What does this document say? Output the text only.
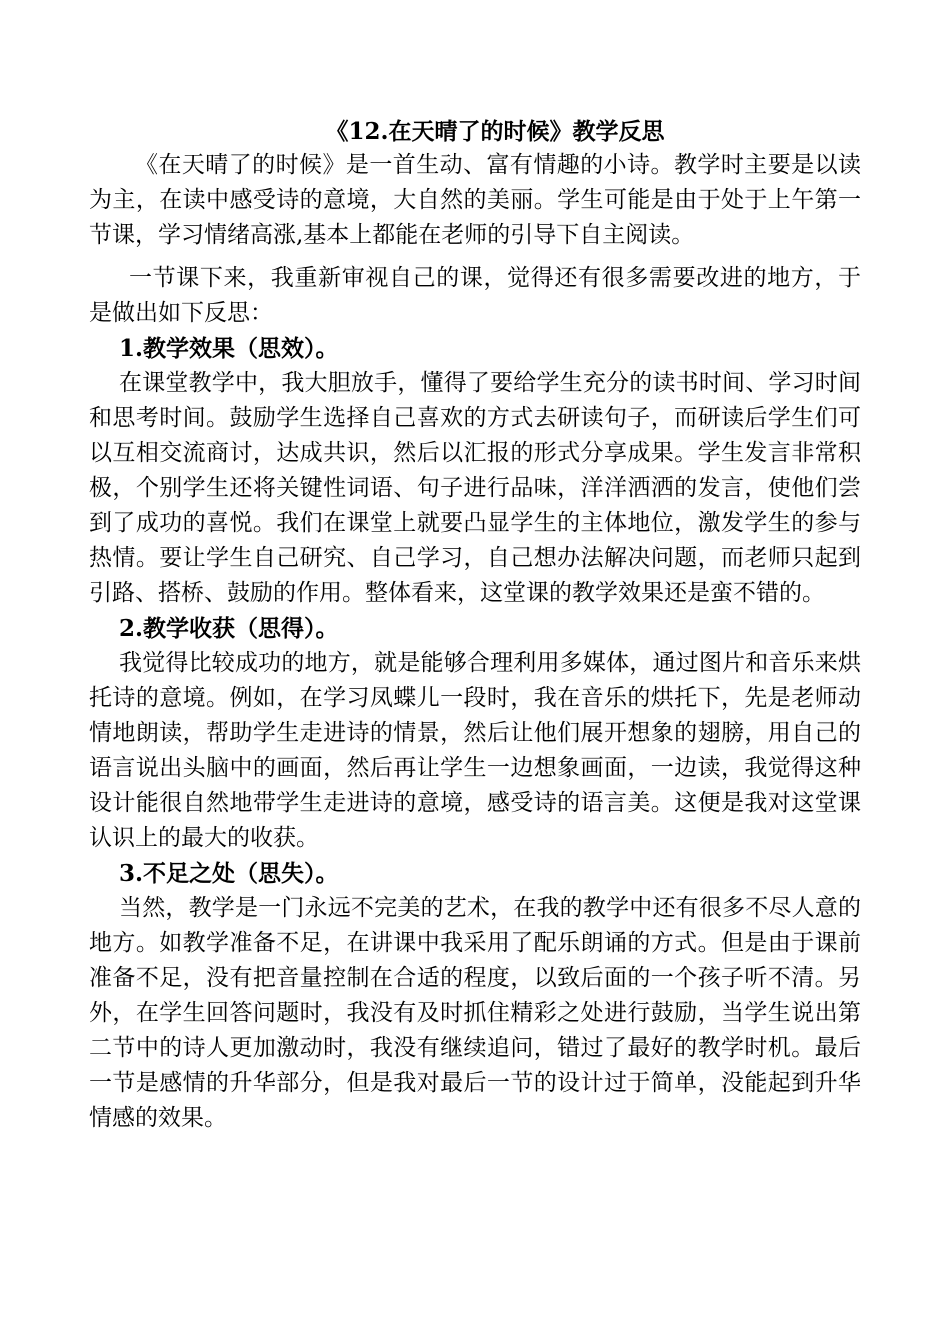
《12.在天晴了的时候》教学反思

《在天晴了的时候》是一首生动、富有情趣的小诗。教学时主要是以读为主，在读中感受诗的意境，大自然的美丽。学生可能是由于处于上午第一节课，学习情绪高涨,基本上都能在老师的引导下自主阅读。

一节课下来，我重新审视自己的课，觉得还有很多需要改进的地方，于是做出如下反思：

1.教学效果（思效）。

在课堂教学中，我大胆放手，懂得了要给学生充分的读书时间、学习时间和思考时间。鼓励学生选择自己喜欢的方式去研读句子，而研读后学生们可以互相交流商讨，达成共识，然后以汇报的形式分享成果。学生发言非常积极，个别学生还将关键性词语、句子进行品味，洋洋洒洒的发言，使他们尝到了成功的喜悦。我们在课堂上就要凸显学生的主体地位，激发学生的参与热情。要让学生自己研究、自己学习，自己想办法解决问题，而老师只起到引路、搭桥、鼓励的作用。整体看来，这堂课的教学效果还是蛮不错的。

2.教学收获（思得）。

我觉得比较成功的地方，就是能够合理利用多媒体，通过图片和音乐来烘托诗的意境。例如，在学习凤蝶儿一段时，我在音乐的烘托下，先是老师动情地朗读，帮助学生走进诗的情景，然后让他们展开想象的翅膀，用自己的语言说出头脑中的画面，然后再让学生一边想象画面，一边读，我觉得这种设计能很自然地带学生走进诗的意境，感受诗的语言美。这便是我对这堂课认识上的最大的收获。

3.不足之处（思失）。

当然，教学是一门永远不完美的艺术，在我的教学中还有很多不尽人意的地方。如教学准备不足，在讲课中我采用了配乐朗诵的方式。但是由于课前准备不足，没有把音量控制在合适的程度，以致后面的一个孩子听不清。另外，在学生回答问题时，我没有及时抓住精彩之处进行鼓励，当学生说出第二节中的诗人更加激动时，我没有继续追问，错过了最好的教学时机。最后一节是感情的升华部分，但是我对最后一节的设计过于简单，没能起到升华情感的效果。
